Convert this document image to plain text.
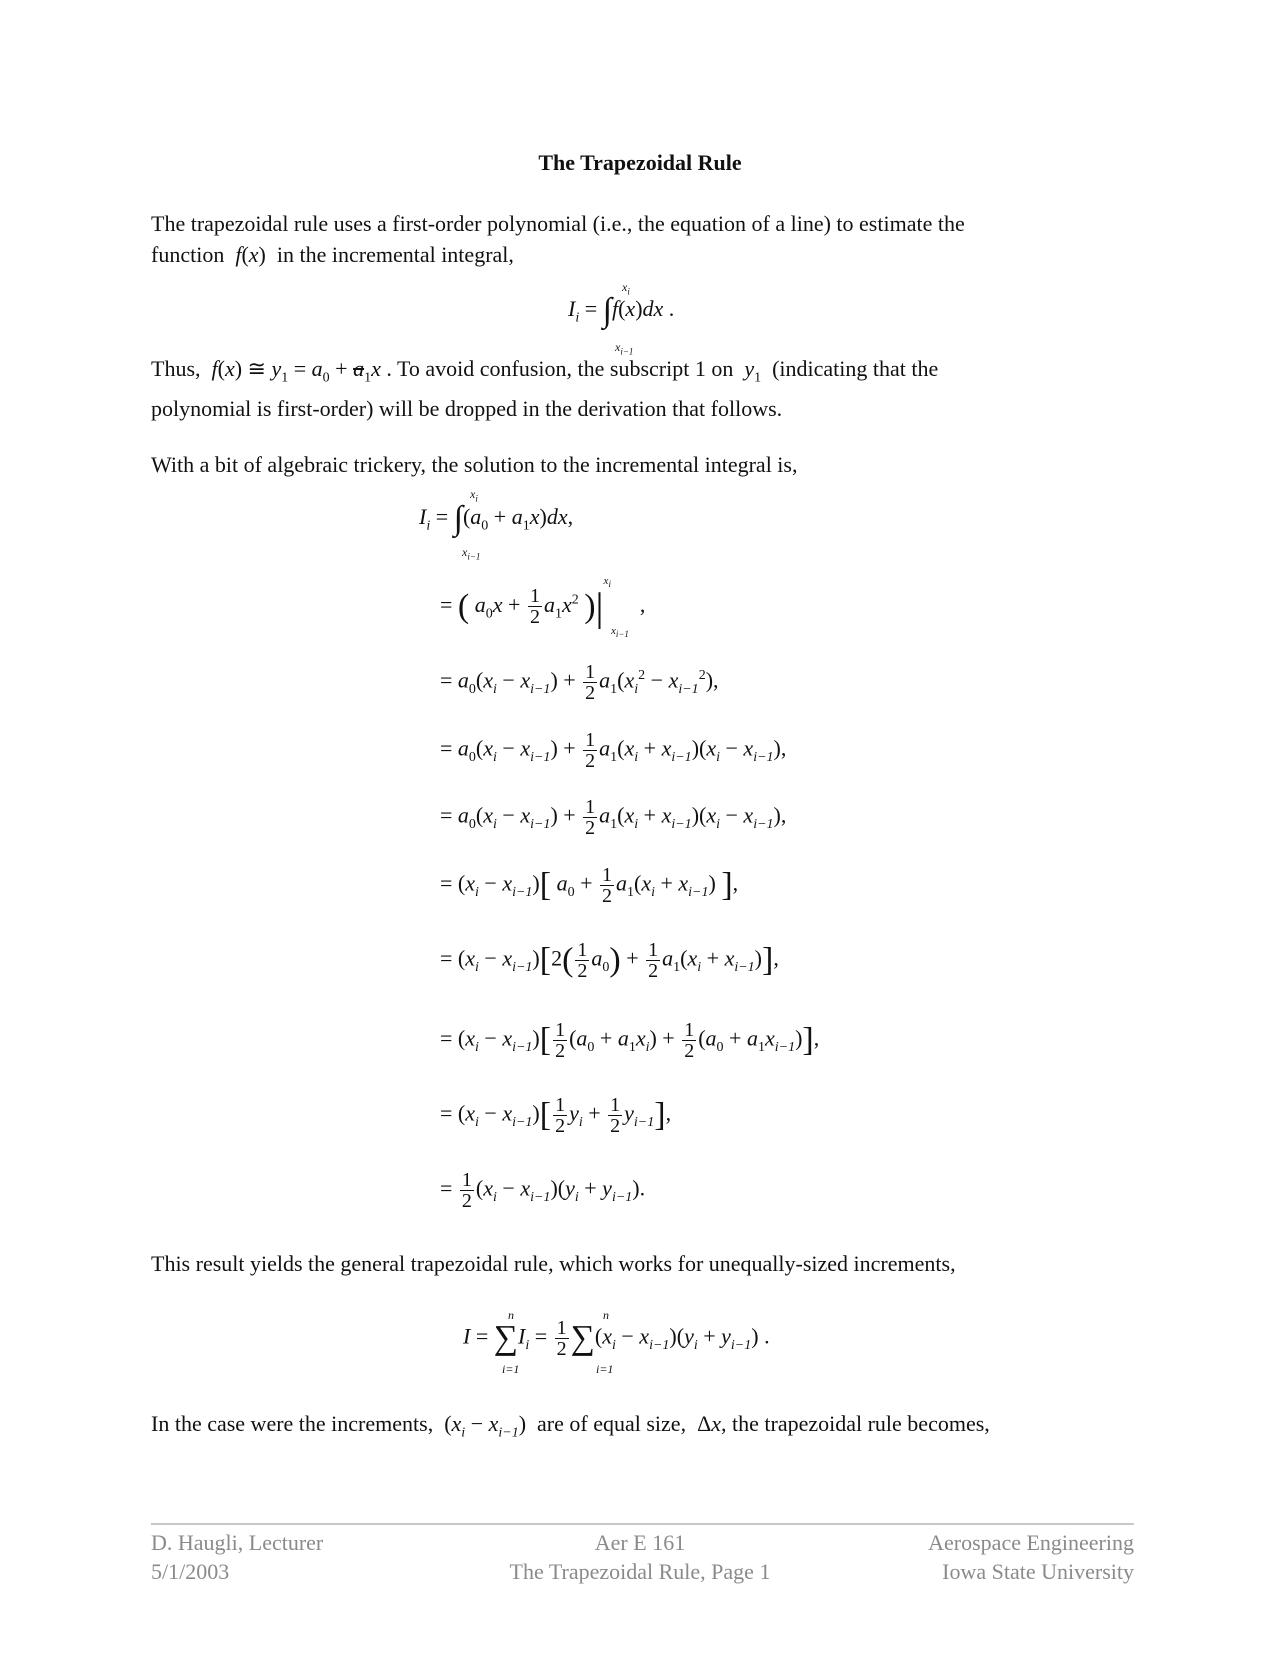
The Trapezoidal Rule
The trapezoidal rule uses a first-order polynomial (i.e., the equation of a line) to estimate the
function  f(x)  in the incremental integral,
$I_i = \int f(x)dx$ .
$x_i$
$x_{i-1}$
Thus,  f(x) ≅ $y_1 = a_0 + a_1x$ . To avoid confusion, the subscript 1 on  $y_1$ (indicating that the
polynomial is first-order) will be dropped in the derivation that follows.
With a bit of algebraic trickery, the solution to the incremental integral is,
$I_i = \int(a_0 + a_1x)dx$,
$x_i$
$x_{i-1}$
= ( $a_0x + \frac{1}{2} a_1x^2$ )$|^{x_i}_{x_{i-1}}$  ,
= $a_0(x_i - x_{i-1}) + \frac{1}{2} a_1(x_i^2 - x_{i-1}^2)$,
= $a_0(x_i - x_{i-1}) + \frac{1}{2} a_1(x_i + x_{i-1})(x_i - x_{i-1})$,
= $a_0(x_i - x_{i-1}) + \frac{1}{2} a_1(x_i + x_{i-1})(x_i - x_{i-1})$,
= $(x_i - x_{i-1})$[ $a_0 + \frac{1}{2} a_1(x_i + x_{i-1})$ ],
= $(x_i - x_{i-1})[2( \frac{1}{2} a_0) + \frac{1}{2} a_1(x_i + x_{i-1})]$,
= $(x_i - x_{i-1})[ \frac{1}{2} (a_0 + a_1x_i) + \frac{1}{2} (a_0 + a_1x_{i-1})]$,
= $(x_i - x_{i-1})[ \frac{1}{2} y_i + \frac{1}{2} y_{i-1}]$,
= $\frac{1}{2} (x_i - x_{i-1})(y_i + y_{i-1})$.
This result yields the general trapezoidal rule, which works for unequally-sized increments,
$I = \sum I_i = \frac{1}{2} \sum(x_i - x_{i-1})(y_i + y_{i-1})$ .
n
i=1
n
i=1
In the case were the increments,  $(x_i - x_{i-1})$  are of equal size,  Δx, the trapezoidal rule becomes,
D. Haugli, Lecturer
5/1/2003
Aer E 161
The Trapezoidal Rule, Page 1
Aerospace Engineering
Iowa State University
